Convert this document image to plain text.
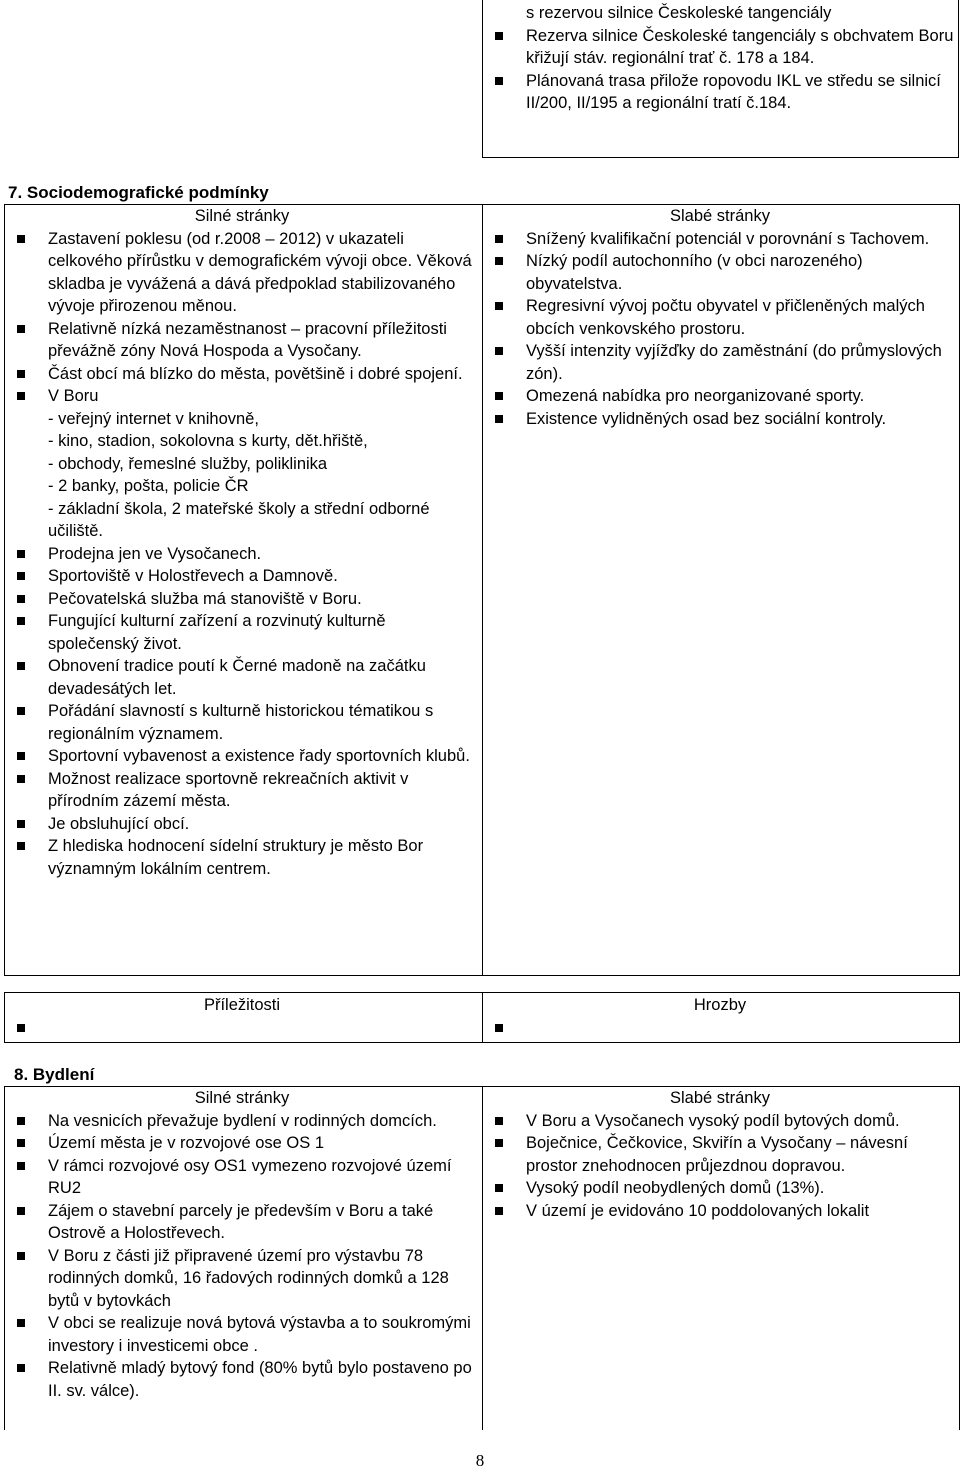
s rezervou silnice Českoleské tangenciály
Rezerva silnice Českoleské tangenciály s obchvatem Boru křižují stáv. regionální trať č. 178 a 184.
Plánovaná trasa přiložе ropovodu IKL ve středu se silnicí II/200, II/195 a regionální tratí č.184.
7. Sociodemografické podmínky
Silné stránky
Zastavení poklesu (od r.2008 – 2012) v ukazateli celkového přírůstku v demografickém vývoji obce. Věková skladba je vyvážená a dává předpoklad stabilizovaného vývoje přirozenou měnou.
Relativně nízká nezaměstnanost – pracovní příležitosti převážně zóny Nová Hospoda a Vysočany.
Část obcí má blízko do města, povětšině i dobré spojení.
V Boru
- veřejný internet v knihovně,
- kino, stadion, sokolovna s kurty, dět.hřiště,
- obchody, řemeslné služby, poliklinika
- 2 banky, pošta, policie ČR
- základní škola, 2 mateřské školy a střední odborné učiliště.
Prodejna jen ve Vysočanech.
Sportoviště v Holostřevech a Damnově.
Pečovatelská služba má stanoviště v Boru.
Fungující kulturní zařízení a rozvinutý kulturně společenský život.
Obnovení tradice poutí k Černé madoně na začátku devadesátých let.
Pořádání slavností s kulturně historickou tématikou s regionálním významem.
Sportovní vybavenost a existence řady sportovních klubů.
Možnost realizace sportovně rekreačních aktivit v přírodním zázemí města.
Je obsluhující obcí.
Z hlediska hodnocení sídelní struktury je město Bor významným lokálním centrem.
Slabé stránky
Snížený kvalifikační potenciál v porovnání s Tachovem.
Nízký podíl autochonního (v obci narozeného) obyvatelstva.
Regresivní vývoj počtu obyvatel v přičleněných malých obcích venkovského prostoru.
Vyšší intenzity vyjížďky do zaměstnání (do průmyslových zón).
Omezená nabídka pro neorganizované sporty.
Existence vylidněných osad bez sociální kontroly.
Příležitosti	Hrozby
8. Bydlení
Silné stránky
Na vesnicích převažuje bydlení v rodinných domcích.
Území města je v rozvojové ose OS 1
V rámci rozvojové osy OS1 vymezeno rozvojové území RU2
Zájem o stavební parcely je především v Boru a také Ostrově a Holostřevech.
V Boru z části již připravené území pro výstavbu 78 rodinných domků, 16 řadových rodinných domků a 128 bytů v bytovkách
V obci se realizuje nová bytová výstavba a to soukromými investory i investicemi obce .
Relativně mladý bytový fond (80% bytů bylo postaveno po II. sv. válce).
Slabé stránky
V Boru a Vysočanech vysoký podíl bytových domů.
Boječnice, Čečkovice, Skviřín a Vysočany – návesní prostor znehodnocen průjezdnou dopravou.
Vysoký podíl neobydlených domů (13%).
V území je evidováno 10 poddolovaných lokalit
8
